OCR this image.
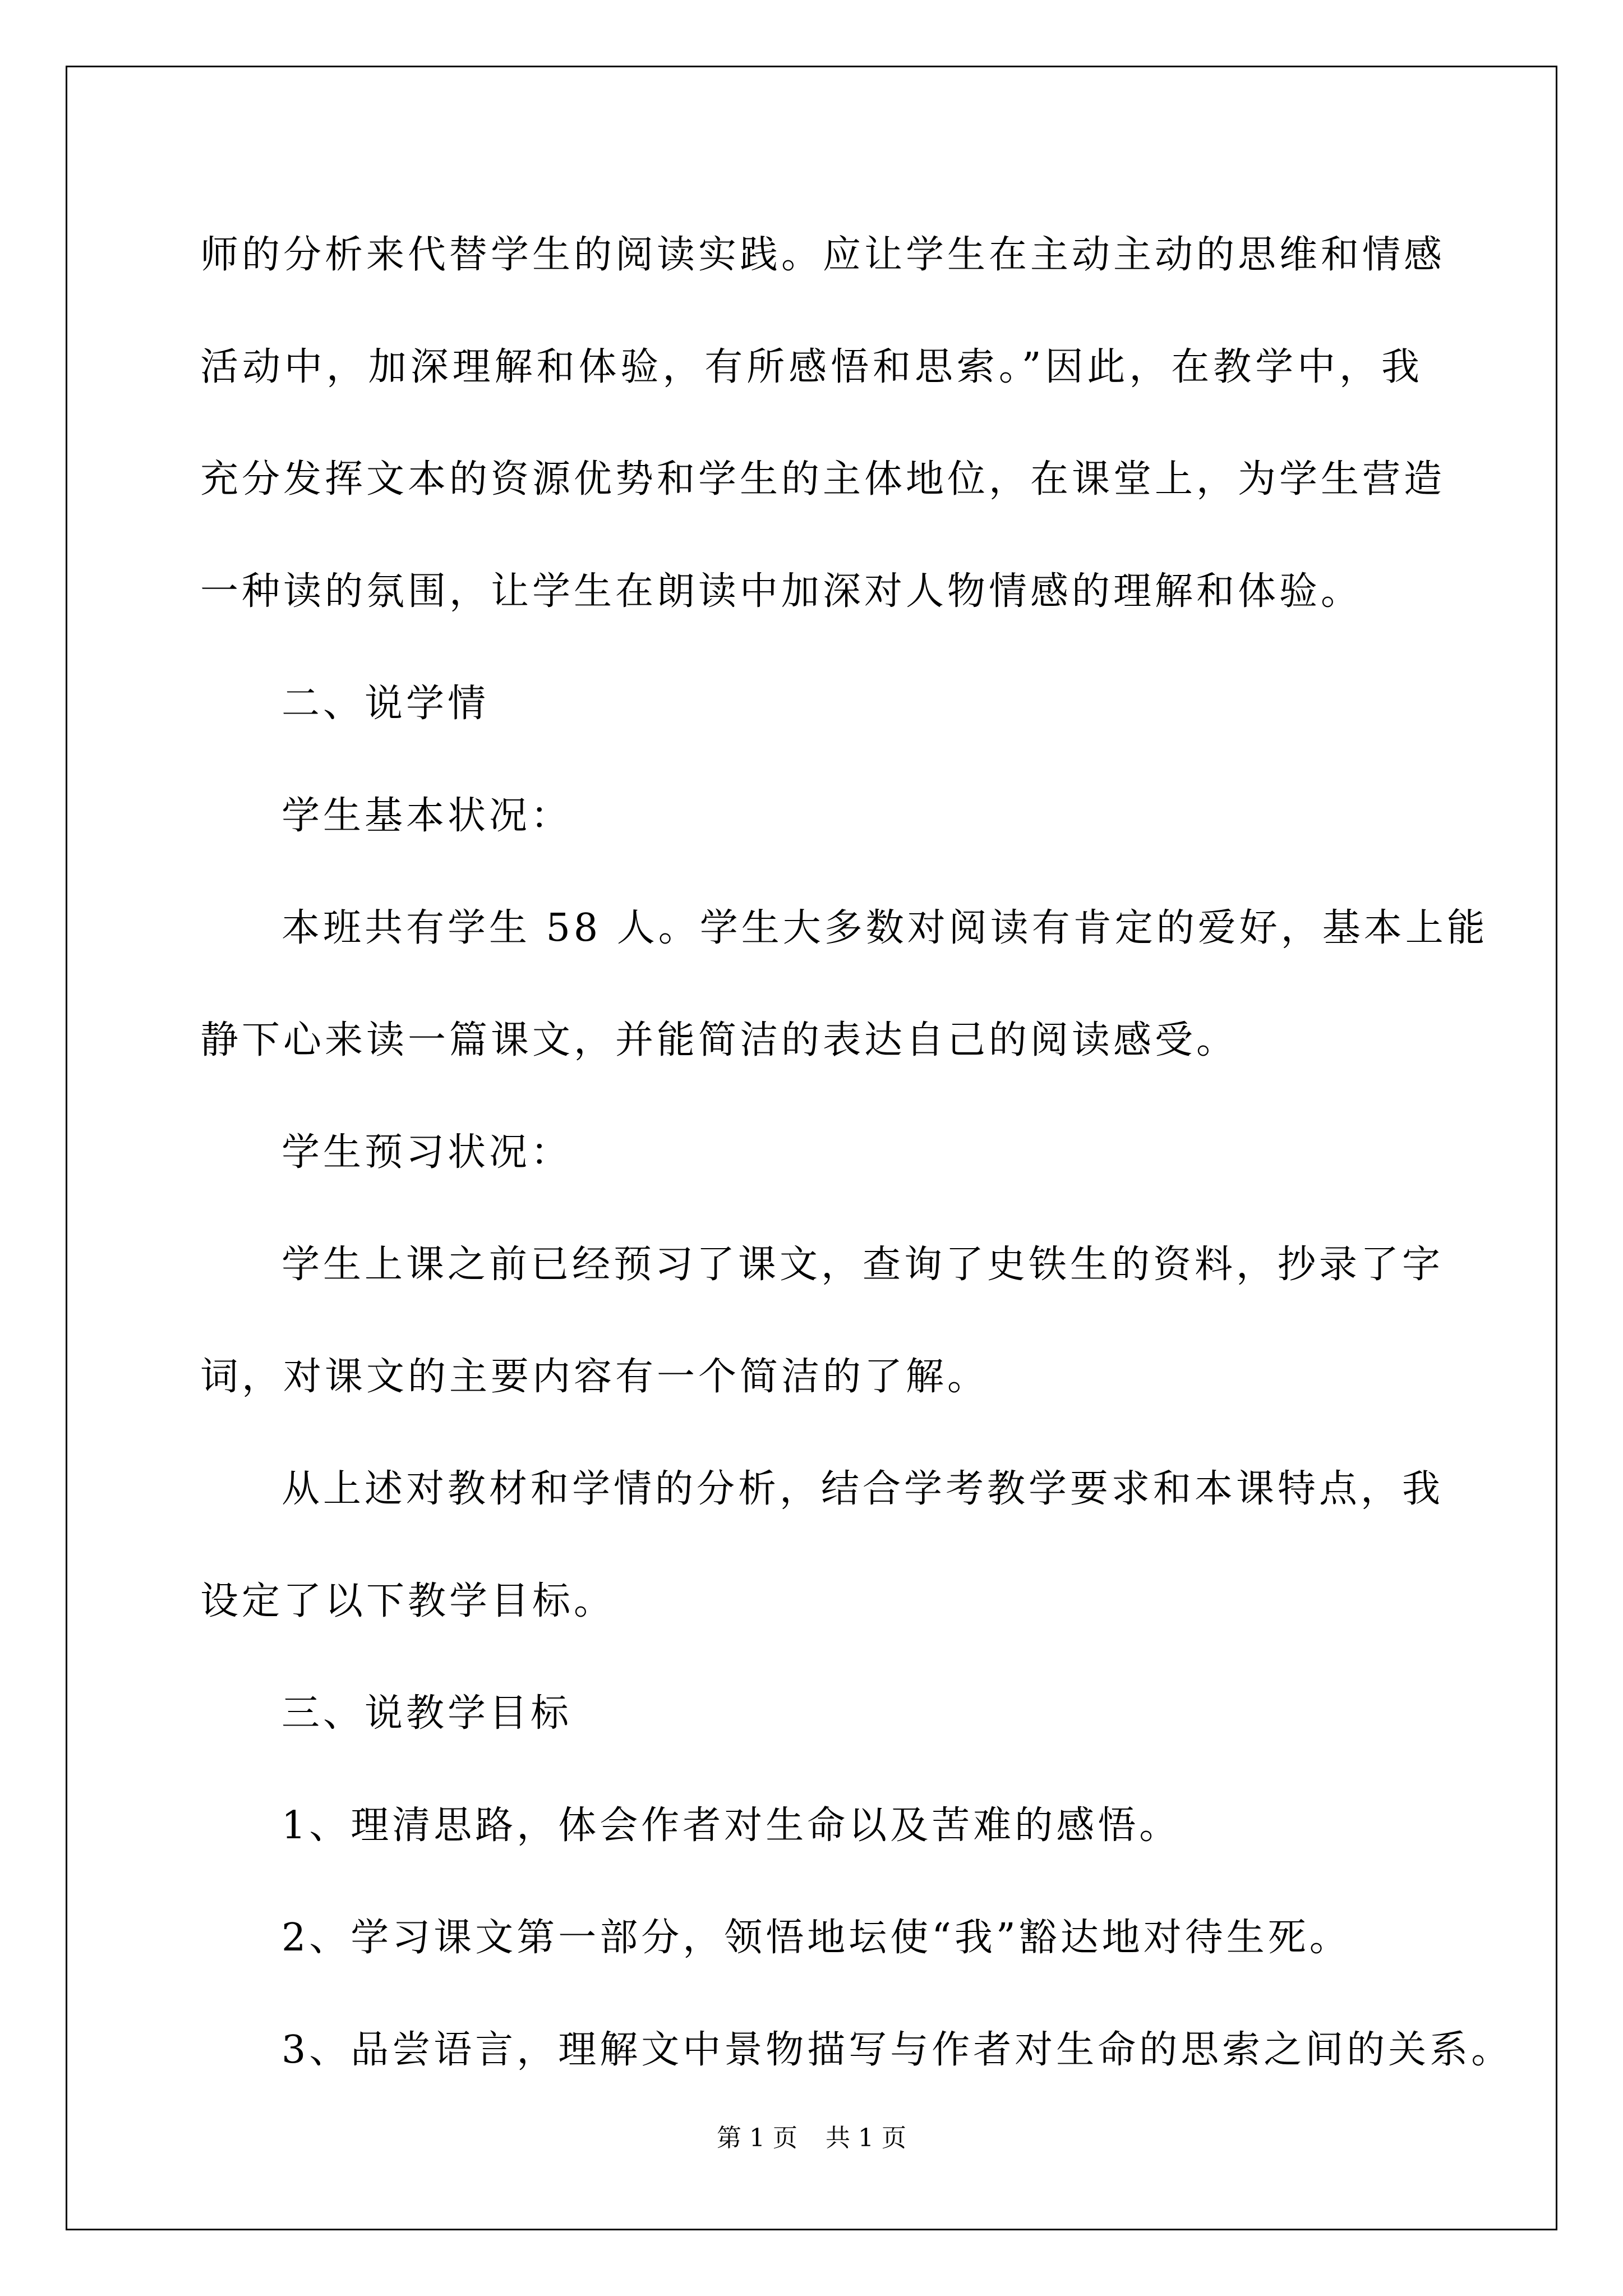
师的分析来代替学生的阅读实践。应让学生在主动主动的思维和情感
活动中，加深理解和体验，有所感悟和思索。”因此，在教学中，我
充分发挥文本的资源优势和学生的主体地位，在课堂上，为学生营造
一种读的氛围，让学生在朗读中加深对人物情感的理解和体验。
二、说学情
学生基本状况：
本班共有学生 58 人。学生大多数对阅读有肯定的爱好，基本上能
静下心来读一篇课文，并能简洁的表达自己的阅读感受。
学生预习状况：
学生上课之前已经预习了课文，查询了史铁生的资料，抄录了字
词，对课文的主要内容有一个简洁的了解。
从上述对教材和学情的分析，结合学考教学要求和本课特点，我
设定了以下教学目标。
三、说教学目标
1、理清思路，体会作者对生命以及苦难的感悟。
2、学习课文第一部分，领悟地坛使“我”豁达地对待生死。
3、品尝语言，理解文中景物描写与作者对生命的思索之间的关系。
第 1 页 共 1 页
